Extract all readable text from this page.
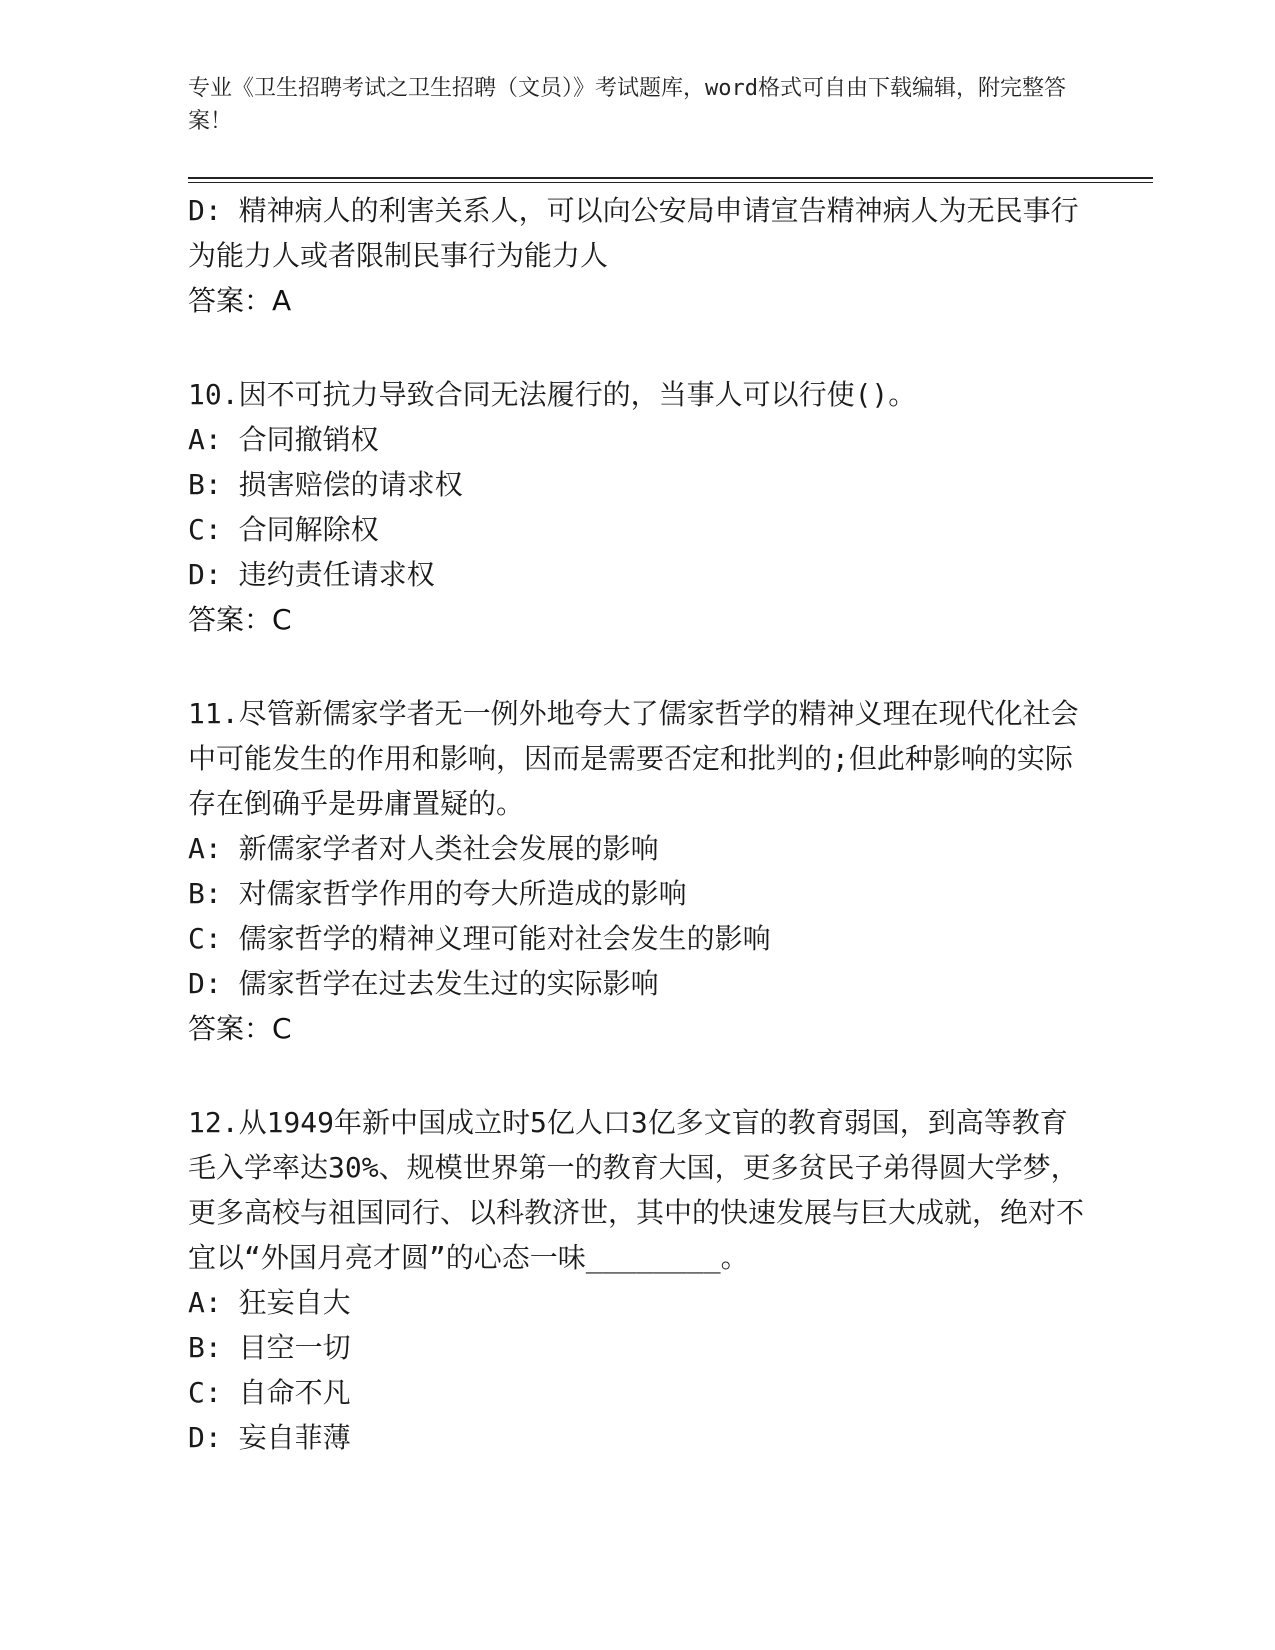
专业《卫生招聘考试之卫生招聘（文员）》考试题库，word格式可自由下载编辑，附完整答案！

D: 精神病人的利害关系人，可以向公安局申请宣告精神病人为无民事行为能力人或者限制民事行为能力人

答案：A

10.因不可抗力导致合同无法履行的，当事人可以行使()。

A: 合同撤销权

B: 损害赔偿的请求权

C: 合同解除权

D: 违约责任请求权

答案：C

11.尽管新儒家学者无一例外地夸大了儒家哲学的精神义理在现代化社会中可能发生的作用和影响，因而是需要否定和批判的;但此种影响的实际存在倒确乎是毋庸置疑的。

A: 新儒家学者对人类社会发展的影响

B: 对儒家哲学作用的夸大所造成的影响

C: 儒家哲学的精神义理可能对社会发生的影响

D: 儒家哲学在过去发生过的实际影响

答案：C

12.从1949年新中国成立时5亿人口3亿多文盲的教育弱国，到高等教育毛入学率达30%、规模世界第一的教育大国，更多贫民子弟得圆大学梦，更多高校与祖国同行、以科教济世，其中的快速发展与巨大成就，绝对不宜以“外国月亮才圆”的心态一味________。

A: 狂妄自大

B: 目空一切

C: 自命不凡

D: 妄自菲薄
